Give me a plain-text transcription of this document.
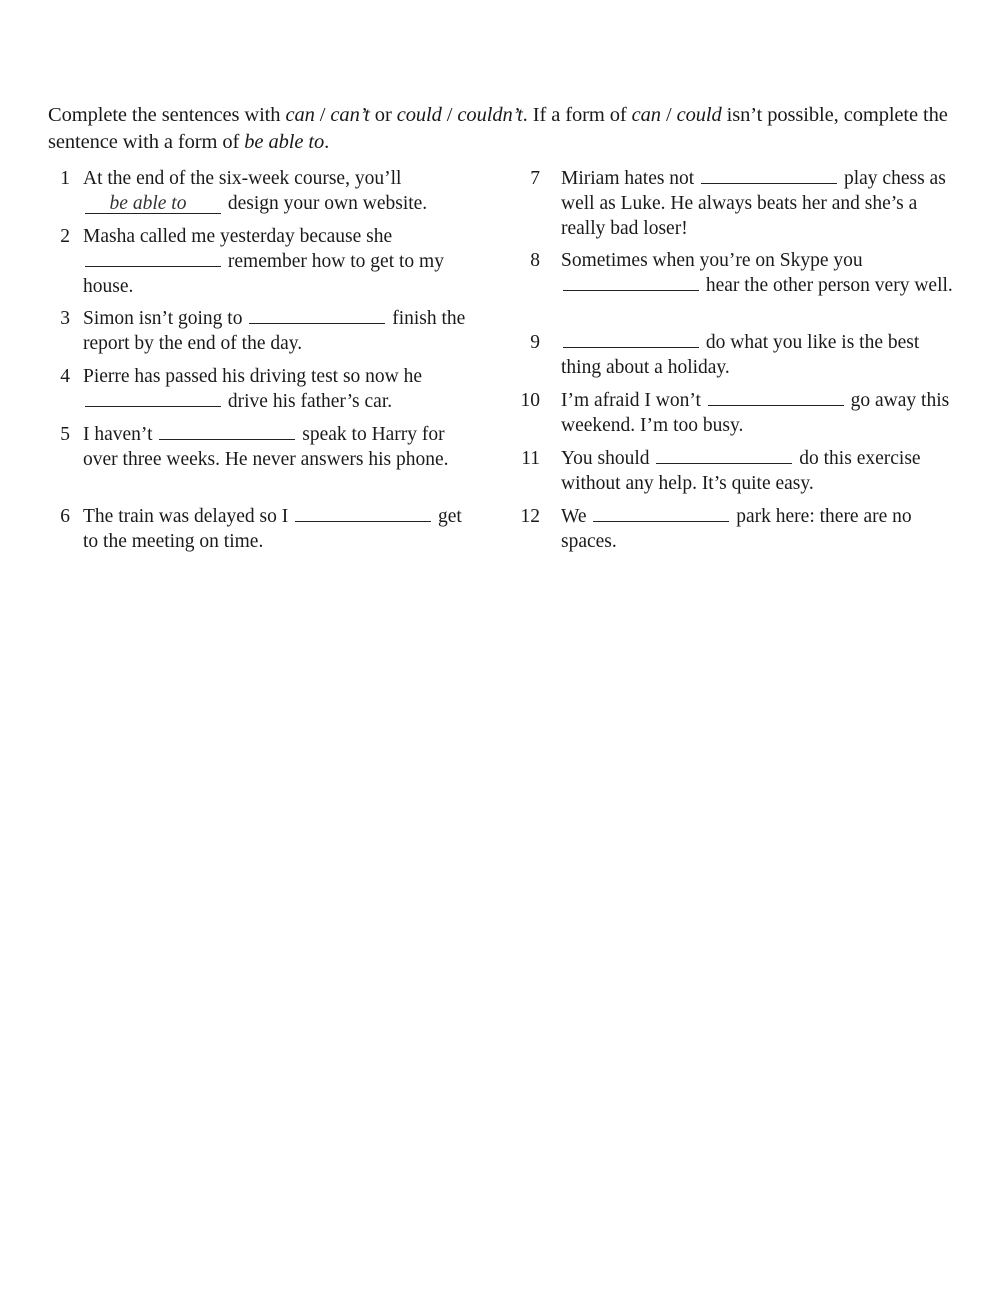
Complete the sentences with can / can’t or could / couldn’t. If a form of can / could isn’t possible, complete the sentence with a form of be able to.
1 At the end of the six-week course, you’ll be able to design your own website.
2 Masha called me yesterday because she  remember how to get to my house.
3 Simon isn’t going to	finish the report by the end of the day.
4 Pierre has passed his driving test so now he  drive his father’s car.
5 I haven’t	speak to Harry for over three weeks. He never answers his phone.
6 The train was delayed so I	get to the meeting on time.
7 Miriam hates not	play chess as well as Luke. He always beats her and she’s a really bad loser!
8 Sometimes when you’re on Skype you  hear the other person very well.
9	do what you like is the best thing about a holiday.
10 I’m afraid I won’t	go away this weekend. I’m too busy.
11 You should	do this exercise without any help. It’s quite easy.
12 We	park here: there are no spaces.
